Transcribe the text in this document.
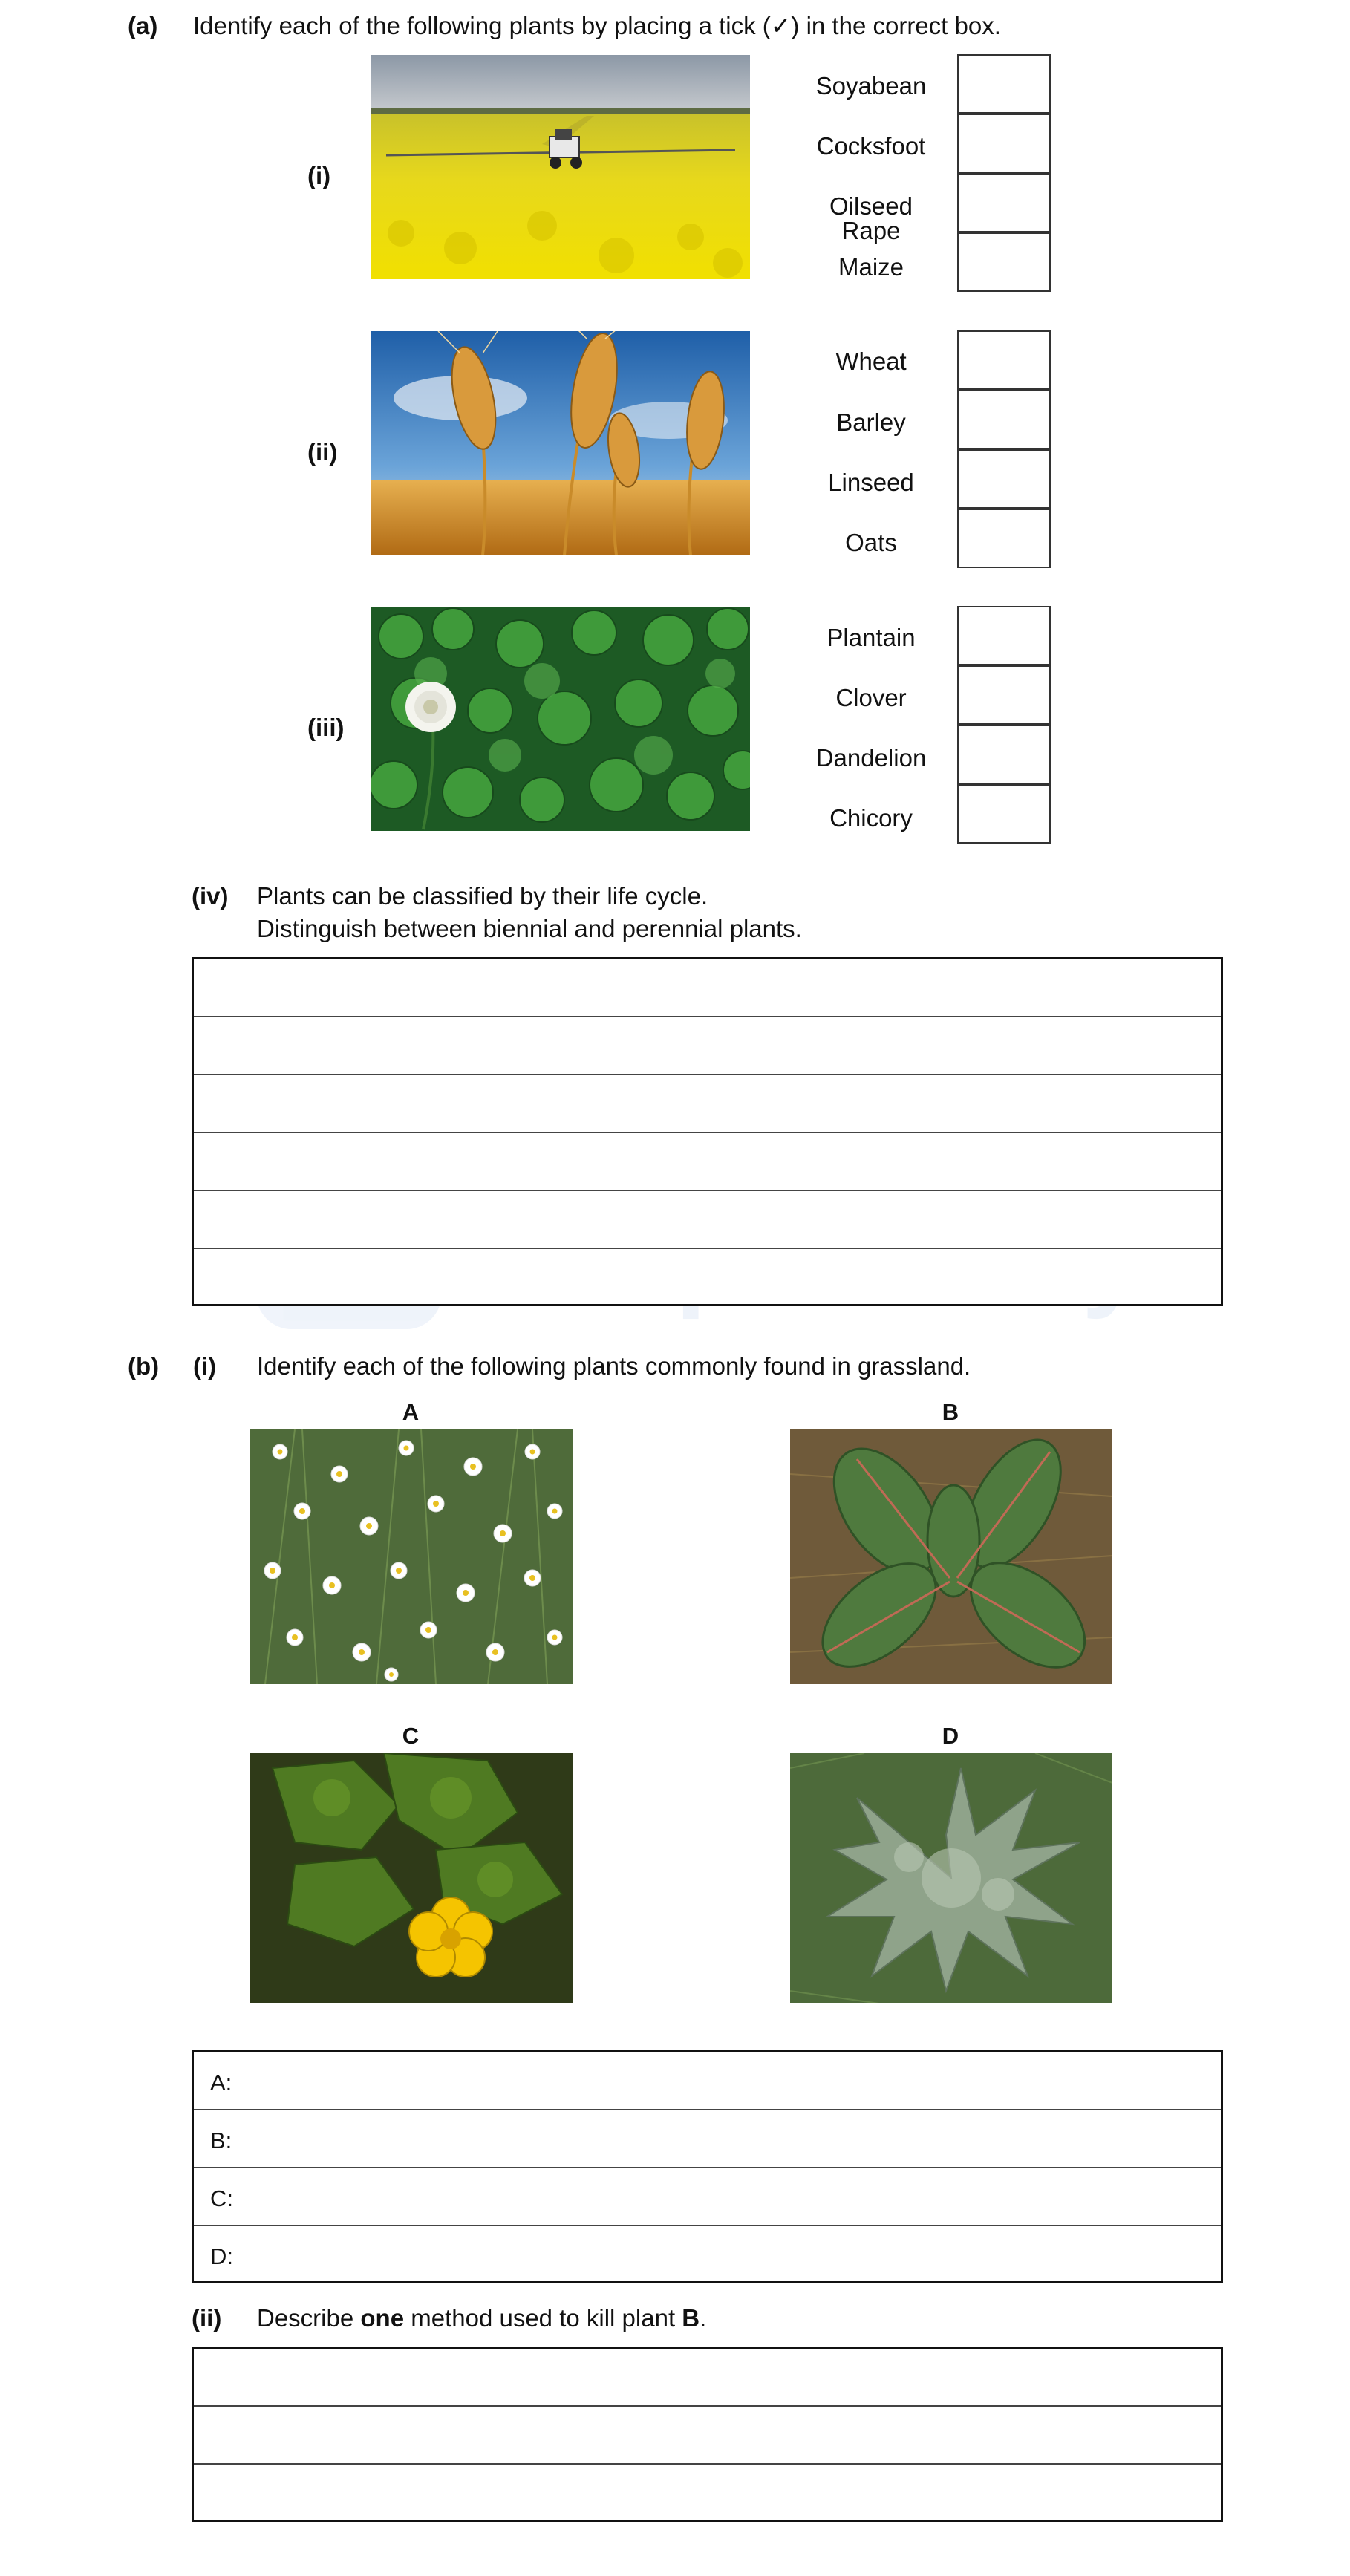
(a) Identify each of the following plants by placing a tick (✓) in the correct box.
(i)
Soyabean
Cocksfoot
Oilseed Rape
Maize
(ii)
Wheat
Barley
Linseed
Oats
(iii)
Plantain
Clover
Dandelion
Chicory
(iv) Plants can be classified by their life cycle.
Distinguish between biennial and perennial plants.
(b) (i) Identify each of the following plants commonly found in grassland.
A	B
C	D
A:
B:
C:
D:
(ii) Describe one method used to kill plant B.
